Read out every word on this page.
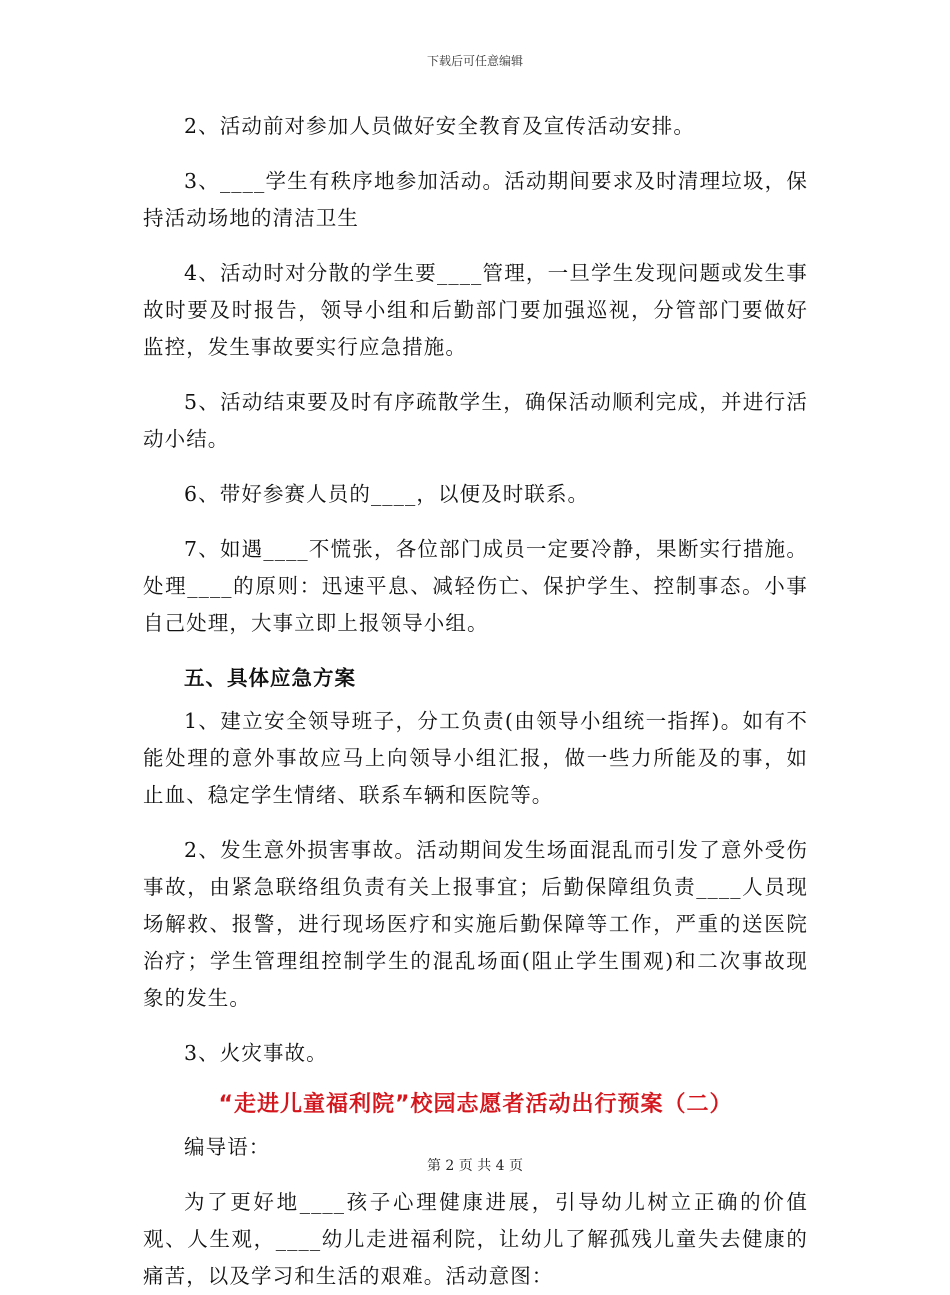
下载后可任意编辑

2、活动前对参加人员做好安全教育及宣传活动安排。

3、____学生有秩序地参加活动。活动期间要求及时清理垃圾，保持活动场地的清洁卫生

4、活动时对分散的学生要____管理，一旦学生发现问题或发生事故时要及时报告，领导小组和后勤部门要加强巡视，分管部门要做好监控，发生事故要实行应急措施。

5、活动结束要及时有序疏散学生，确保活动顺利完成，并进行活动小结。

6、带好参赛人员的____，以便及时联系。

7、如遇____不慌张，各位部门成员一定要冷静，果断实行措施。处理____的原则：迅速平息、减轻伤亡、保护学生、控制事态。小事自己处理，大事立即上报领导小组。

五、具体应急方案

1、建立安全领导班子，分工负责(由领导小组统一指挥)。如有不能处理的意外事故应马上向领导小组汇报，做一些力所能及的事，如止血、稳定学生情绪、联系车辆和医院等。

2、发生意外损害事故。活动期间发生场面混乱而引发了意外受伤事故，由紧急联络组负责有关上报事宜；后勤保障组负责____人员现场解救、报警，进行现场医疗和实施后勤保障等工作，严重的送医院治疗；学生管理组控制学生的混乱场面(阻止学生围观)和二次事故现象的发生。

3、火灾事故。

“走进儿童福利院”校园志愿者活动出行预案（二）

编导语：

为了更好地____孩子心理健康进展，引导幼儿树立正确的价值观、人生观，____幼儿走进福利院，让幼儿了解孤残儿童失去健康的痛苦，以及学习和生活的艰难。活动意图：

第 2 页 共 4 页
